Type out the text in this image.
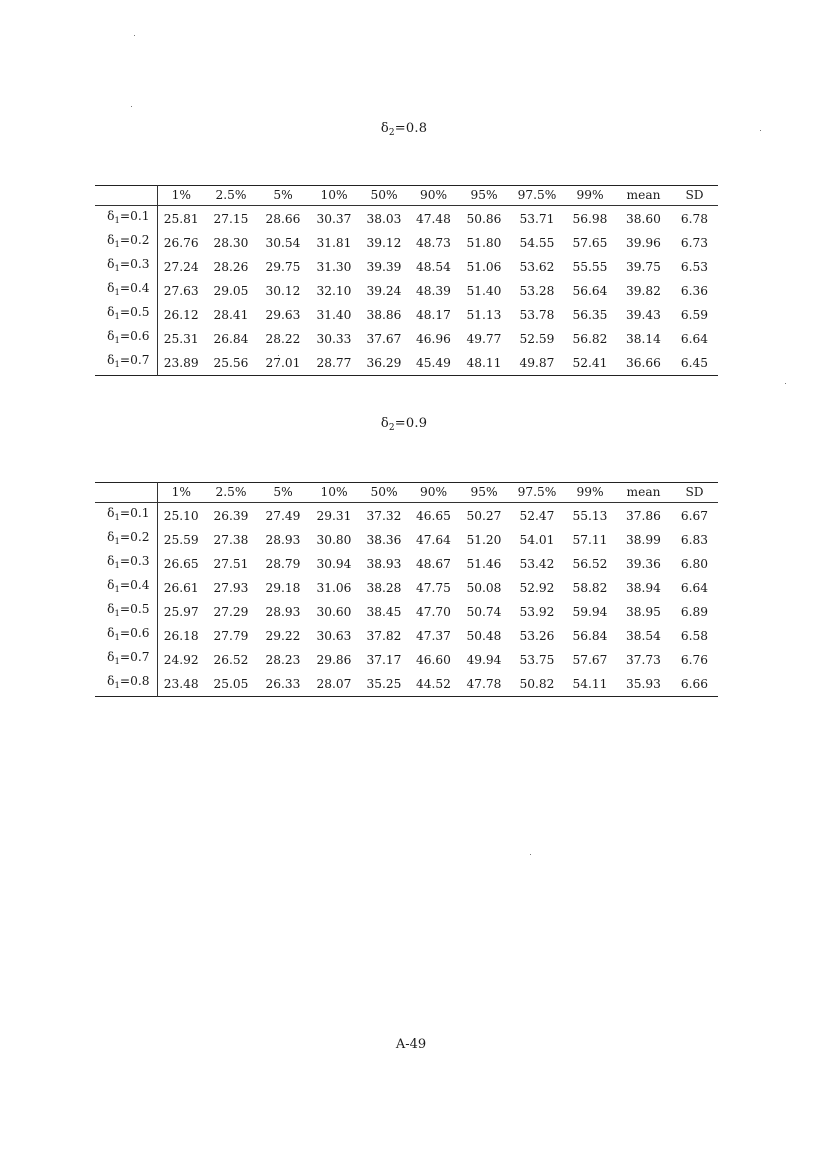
$\delta_2=0.8$
	1%	2.5%	5%	10%	50%	90%	95%	97.5%	99%	mean	SD
$\delta_1=0.1$	25.81	27.15	28.66	30.37	38.03	47.48	50.86	53.71	56.98	38.60	6.78
$\delta_1=0.2$	26.76	28.30	30.54	31.81	39.12	48.73	51.80	54.55	57.65	39.96	6.73
$\delta_1=0.3$	27.24	28.26	29.75	31.30	39.39	48.54	51.06	53.62	55.55	39.75	6.53
$\delta_1=0.4$	27.63	29.05	30.12	32.10	39.24	48.39	51.40	53.28	56.64	39.82	6.36
$\delta_1=0.5$	26.12	28.41	29.63	31.40	38.86	48.17	51.13	53.78	56.35	39.43	6.59
$\delta_1=0.6$	25.31	26.84	28.22	30.33	37.67	46.96	49.77	52.59	56.82	38.14	6.64
$\delta_1=0.7$	23.89	25.56	27.01	28.77	36.29	45.49	48.11	49.87	52.41	36.66	6.45
$\delta_2=0.9$
	1%	2.5%	5%	10%	50%	90%	95%	97.5%	99%	mean	SD
$\delta_1=0.1$	25.10	26.39	27.49	29.31	37.32	46.65	50.27	52.47	55.13	37.86	6.67
$\delta_1=0.2$	25.59	27.38	28.93	30.80	38.36	47.64	51.20	54.01	57.11	38.99	6.83
$\delta_1=0.3$	26.65	27.51	28.79	30.94	38.93	48.67	51.46	53.42	56.52	39.36	6.80
$\delta_1=0.4$	26.61	27.93	29.18	31.06	38.28	47.75	50.08	52.92	58.82	38.94	6.64
$\delta_1=0.5$	25.97	27.29	28.93	30.60	38.45	47.70	50.74	53.92	59.94	38.95	6.89
$\delta_1=0.6$	26.18	27.79	29.22	30.63	37.82	47.37	50.48	53.26	56.84	38.54	6.58
$\delta_1=0.7$	24.92	26.52	28.23	29.86	37.17	46.60	49.94	53.75	57.67	37.73	6.76
$\delta_1=0.8$	23.48	25.05	26.33	28.07	35.25	44.52	47.78	50.82	54.11	35.93	6.66
A-49
